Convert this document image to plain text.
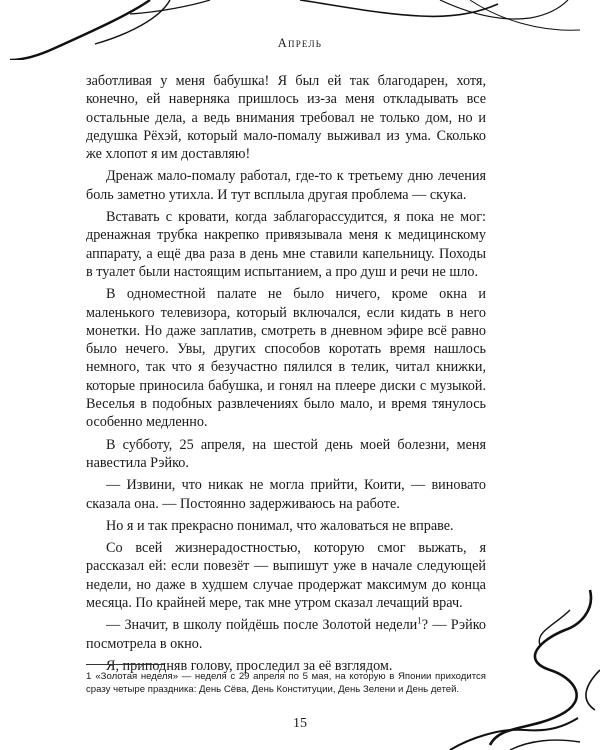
Апрель

заботливая у меня бабушка! Я был ей так благодарен, хотя, конечно, ей наверняка пришлось из-за меня откладывать все остальные дела, а ведь внимания требовал не только дом, но и дедушка Рёхэй, который мало-помалу выживал из ума. Сколько же хлопот я им доставляю!

Дренаж мало-помалу работал, где-то к третьему дню лечения боль заметно утихла. И тут всплыла другая проблема — скука.

Вставать с кровати, когда заблагорассудится, я пока не мог: дренажная трубка накрепко привязывала меня к медицинскому аппарату, а ещё два раза в день мне ставили капельницу. Походы в туалет были настоящим испытанием, а про душ и речи не шло.

В одноместной палате не было ничего, кроме окна и маленького телевизора, который включался, если кидать в него монетки. Но даже заплатив, смотреть в дневном эфире всё равно было нечего. Увы, других способов коротать время нашлось немного, так что я безучастно пялился в телик, читал книжки, которые приносила бабушка, и гонял на плеере диски с музыкой. Веселья в подобных развлечениях было мало, и время тянулось особенно медленно.

В субботу, 25 апреля, на шестой день моей болезни, меня навестила Рэйко.

— Извини, что никак не могла прийти, Коити, — виновато сказала она. — Постоянно задерживаюсь на работе.

Но я и так прекрасно понимал, что жаловаться не вправе.

Со всей жизнерадостностью, которую смог выжать, я рассказал ей: если повезёт — выпишут уже в начале следующей недели, но даже в худшем случае продержат максимум до конца месяца. По крайней мере, так мне утром сказал лечащий врач.

— Значит, в школу пойдёшь после Золотой недели$^1$? — Рэйко посмотрела в окно.

Я, приподняв голову, проследил за её взглядом.

1 «Золотая неделя» — неделя с 29 апреля по 5 мая, на которую в Японии приходится сразу четыре праздника: День Сёва, День Конституции, День Зелени и День детей.
15
